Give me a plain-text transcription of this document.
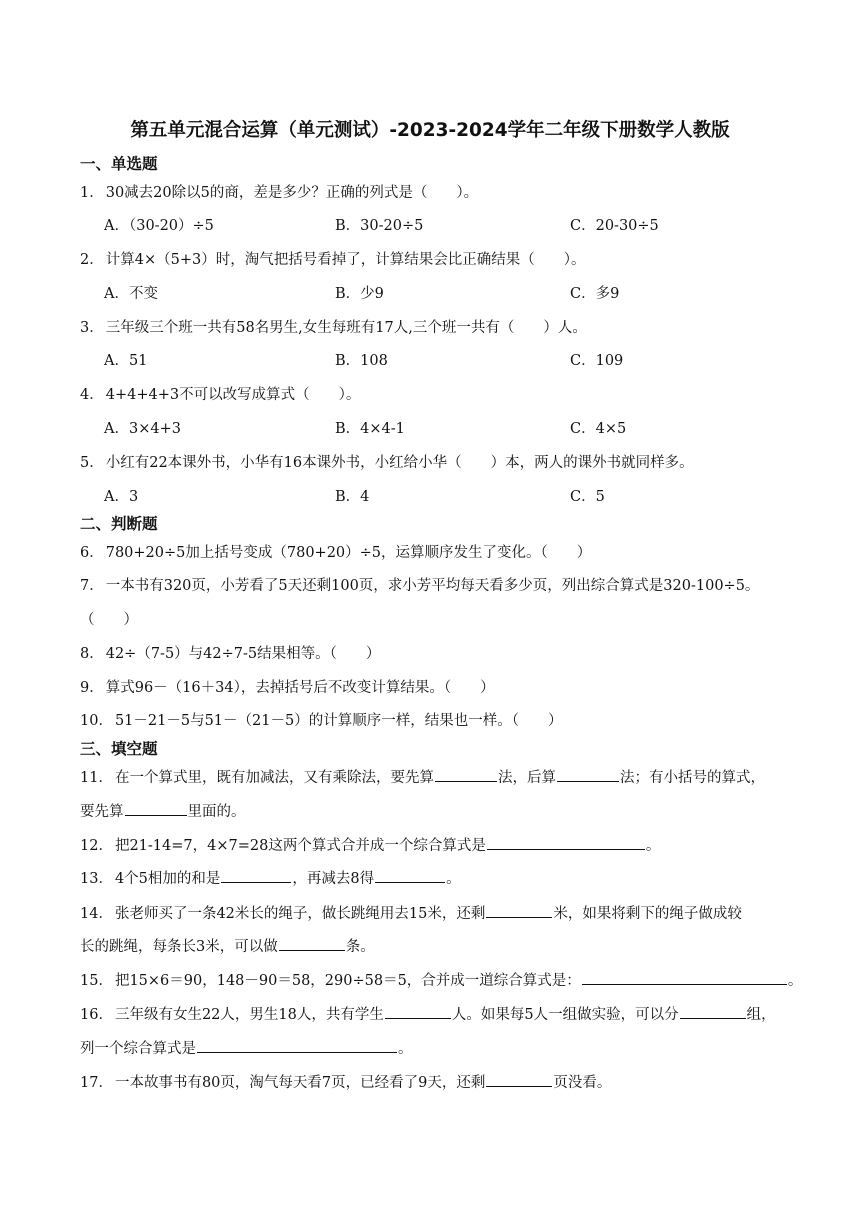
第五单元混合运算（单元测试）-2023-2024学年二年级下册数学人教版
一、单选题
1． 30减去20除以5的商，差是多少？正确的列式是（　　）。
A．（30-20）÷5	B．30-20÷5	C．20-30÷5
2． 计算4×（5+3）时，淘气把括号看掉了，计算结果会比正确结果（　　）。
A．不变	B．少9	C．多9
3． 三年级三个班一共有58名男生,女生每班有17人,三个班一共有（　　）人。
A．51	B．108	C．109
4． 4+4+4+3不可以改写成算式（　　）。
A．3×4+3	B．4×4-1	C．4×5
5． 小红有22本课外书，小华有16本课外书，小红给小华（　　）本，两人的课外书就同样多。
A．3	B．4	C．5
二、判断题
6． 780+20÷5加上括号变成（780+20）÷5，运算顺序发生了变化。（　　）
7． 一本书有320页，小芳看了5天还剩100页，求小芳平均每天看多少页，列出综合算式是320-100÷5。
（　　）
8． 42÷（7-5）与42÷7-5结果相等。（　　）
9． 算式96－（16＋34），去掉括号后不改变计算结果。（　　）
10． 51－21－5与51－（21－5）的计算顺序一样，结果也一样。（　　）
三、填空题
11． 在一个算式里，既有加减法，又有乘除法，要先算	法，后算	法；有小括号的算式，
要先算	里面的。
12． 把21-14=7，4×7=28这两个算式合并成一个综合算式是	。
13． 4个5相加的和是	，再减去8得	。
14． 张老师买了一条42米长的绳子，做长跳绳用去15米，还剩	米，如果将剩下的绳子做成较
长的跳绳，每条长3米，可以做	条。
15． 把15×6＝90，148－90＝58，290÷58＝5，合并成一道综合算式是：	。
16． 三年级有女生22人，男生18人，共有学生	人。如果每5人一组做实验，可以分	组，
列一个综合算式是	。
17． 一本故事书有80页，淘气每天看7页，已经看了9天，还剩	页没看。
